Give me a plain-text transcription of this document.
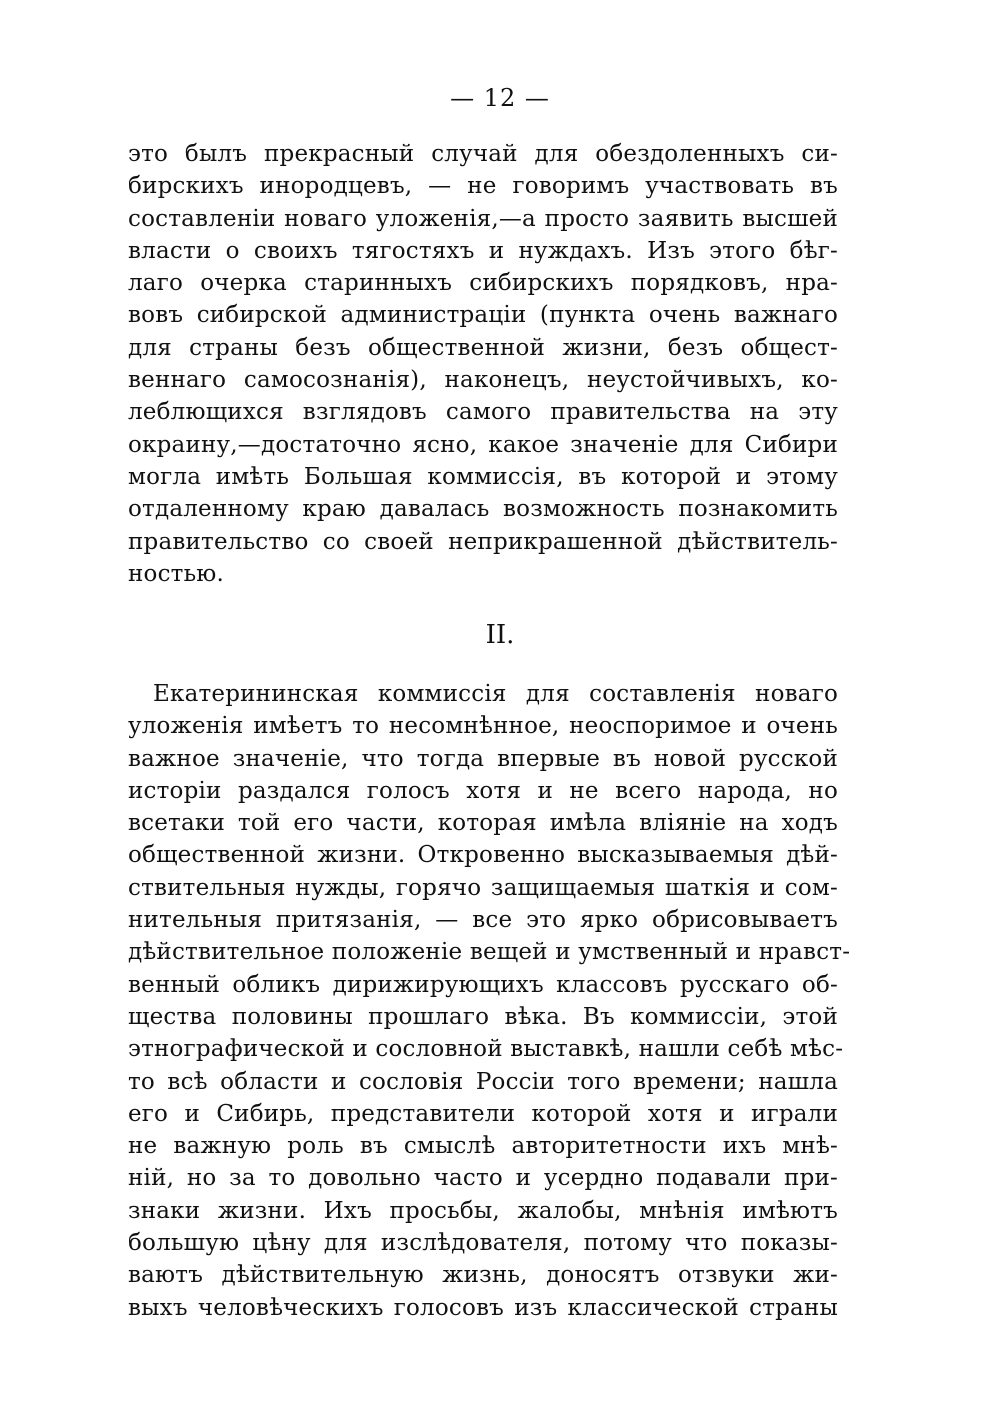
— 12 —
это былъ прекрасный случай для обездоленныхъ си-
бирскихъ инородцевъ, — не говоримъ участвовать въ
составленіи новаго уложенія,—а просто заявить высшей
власти о своихъ тягостяхъ и нуждахъ. Изъ этого бѣг-
лаго очерка старинныхъ сибирскихъ порядковъ, нра-
вовъ сибирской администраціи (пункта очень важнаго
для страны безъ общественной жизни, безъ общест-
веннаго самосознанія), наконецъ, неустойчивыхъ, ко-
леблющихся взглядовъ самого правительства на эту
окраину,—достаточно ясно, какое значеніе для Сибири
могла имѣть Большая коммиссія, въ которой и этому
отдаленному краю давалась возможность познакомить
правительство со своей неприкрашенной дѣйствитель-
ностью.
II.
Екатерининская коммиссія для составленія новаго
уложенія имѣетъ то несомнѣнное, неоспоримое и очень
важное значеніе, что тогда впервые въ новой русской
исторіи раздался голосъ хотя и не всего народа, но
всетаки той его части, которая имѣла вліяніе на ходъ
общественной жизни. Откровенно высказываемыя дѣй-
ствительныя нужды, горячо защищаемыя шаткія и сом-
нительныя притязанія, — все это ярко обрисовываетъ
дѣйствительное положеніе вещей и умственный и нравст-
венный обликъ дирижирующихъ классовъ русскаго об-
щества половины прошлаго вѣка. Въ коммиссіи, этой
этнографической и сословной выставкѣ, нашли себѣ мѣс-
то всѣ области и сословія Россіи того времени; нашла
его и Сибирь, представители которой хотя и играли
не важную роль въ смыслѣ авторитетности ихъ мнѣ-
ній, но за то довольно часто и усердно подавали при-
знаки жизни. Ихъ просьбы, жалобы, мнѣнія имѣютъ
большую цѣну для изслѣдователя, потому что показы-
ваютъ дѣйствительную жизнь, доносятъ отзвуки жи-
выхъ человѣческихъ голосовъ изъ классической страны
